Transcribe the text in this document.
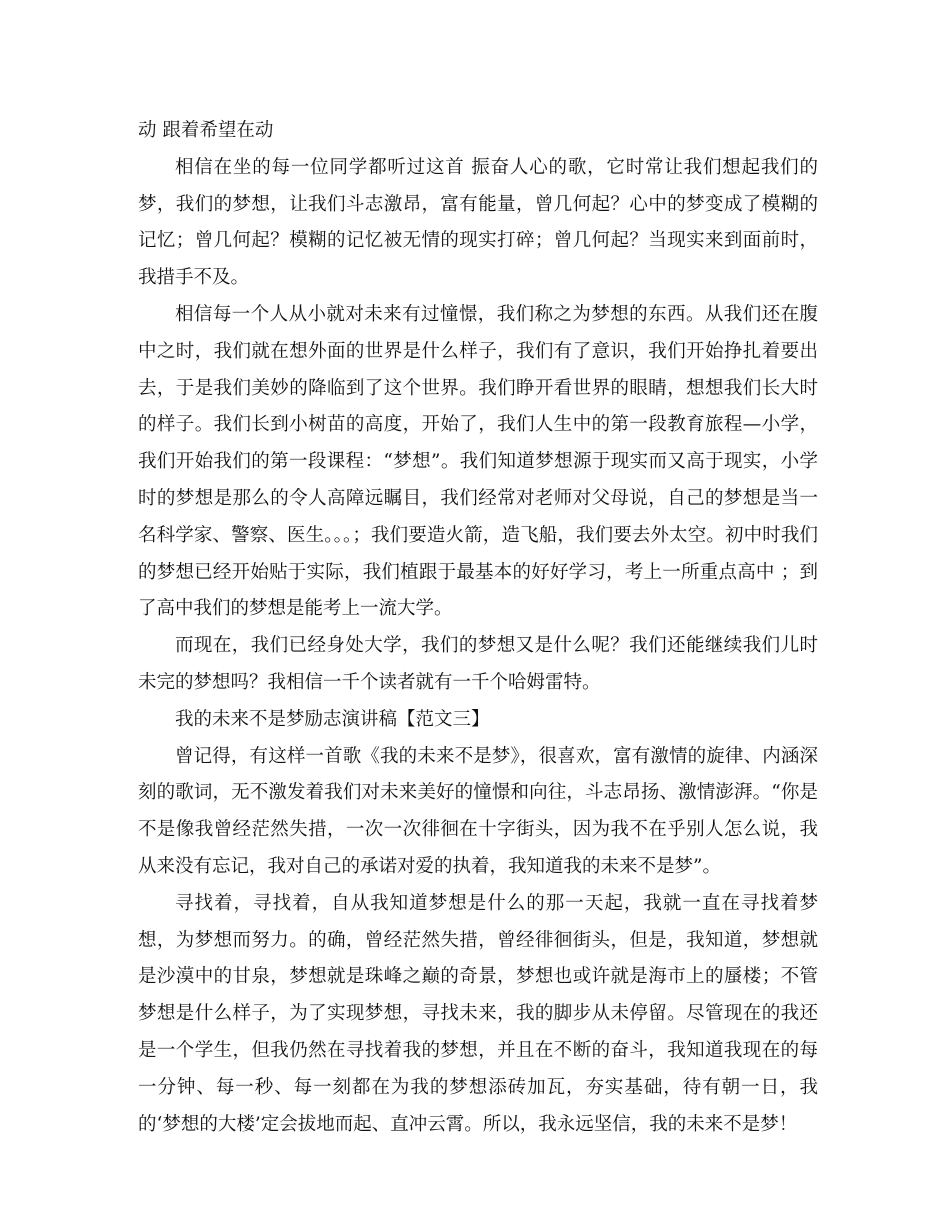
动 跟着希望在动

相信在坐的每一位同学都听过这首 振奋人心的歌，它时常让我们想起我们的梦，我们的梦想，让我们斗志激昂，富有能量，曾几何起？心中的梦变成了模糊的记忆；曾几何起？模糊的记忆被无情的现实打碎；曾几何起？当现实来到面前时，我措手不及。

相信每一个人从小就对未来有过憧憬，我们称之为梦想的东西。从我们还在腹中之时，我们就在想外面的世界是什么样子，我们有了意识，我们开始挣扎着要出去，于是我们美妙的降临到了这个世界。我们睁开看世界的眼睛，想想我们长大时的样子。我们长到小树苗的高度，开始了，我们人生中的第一段教育旅程—小学，我们开始我们的第一段课程：“梦想”。我们知道梦想源于现实而又高于现实，小学时的梦想是那么的令人高障远瞩目，我们经常对老师对父母说，自己的梦想是当一名科学家、警察、医生。。。；我们要造火箭，造飞船，我们要去外太空。初中时我们的梦想已经开始贴于实际，我们植跟于最基本的好好学习，考上一所重点高中 ；到了高中我们的梦想是能考上一流大学。

而现在，我们已经身处大学，我们的梦想又是什么呢？我们还能继续我们儿时未完的梦想吗？我相信一千个读者就有一千个哈姆雷特。

我的未来不是梦励志演讲稿【范文三】

曾记得，有这样一首歌《我的未来不是梦》，很喜欢，富有激情的旋律、内涵深刻的歌词，无不激发着我们对未来美好的憧憬和向往，斗志昂扬、激情澎湃。“你是不是像我曾经茫然失措，一次一次徘徊在十字街头，因为我不在乎别人怎么说，我从来没有忘记，我对自己的承诺对爱的执着，我知道我的未来不是梦”。

寻找着，寻找着，自从我知道梦想是什么的那一天起，我就一直在寻找着梦想，为梦想而努力。的确，曾经茫然失措，曾经徘徊街头，但是，我知道，梦想就是沙漠中的甘泉，梦想就是珠峰之巅的奇景，梦想也或许就是海市上的蜃楼；不管梦想是什么样子，为了实现梦想，寻找未来，我的脚步从未停留。尽管现在的我还是一个学生，但我仍然在寻找着我的梦想，并且在不断的奋斗，我知道我现在的每一分钟、每一秒、每一刻都在为我的梦想添砖加瓦，夯实基础，待有朝一日，我的‘梦想的大楼’定会拔地而起、直冲云霄。所以，我永远坚信，我的未来不是梦！
